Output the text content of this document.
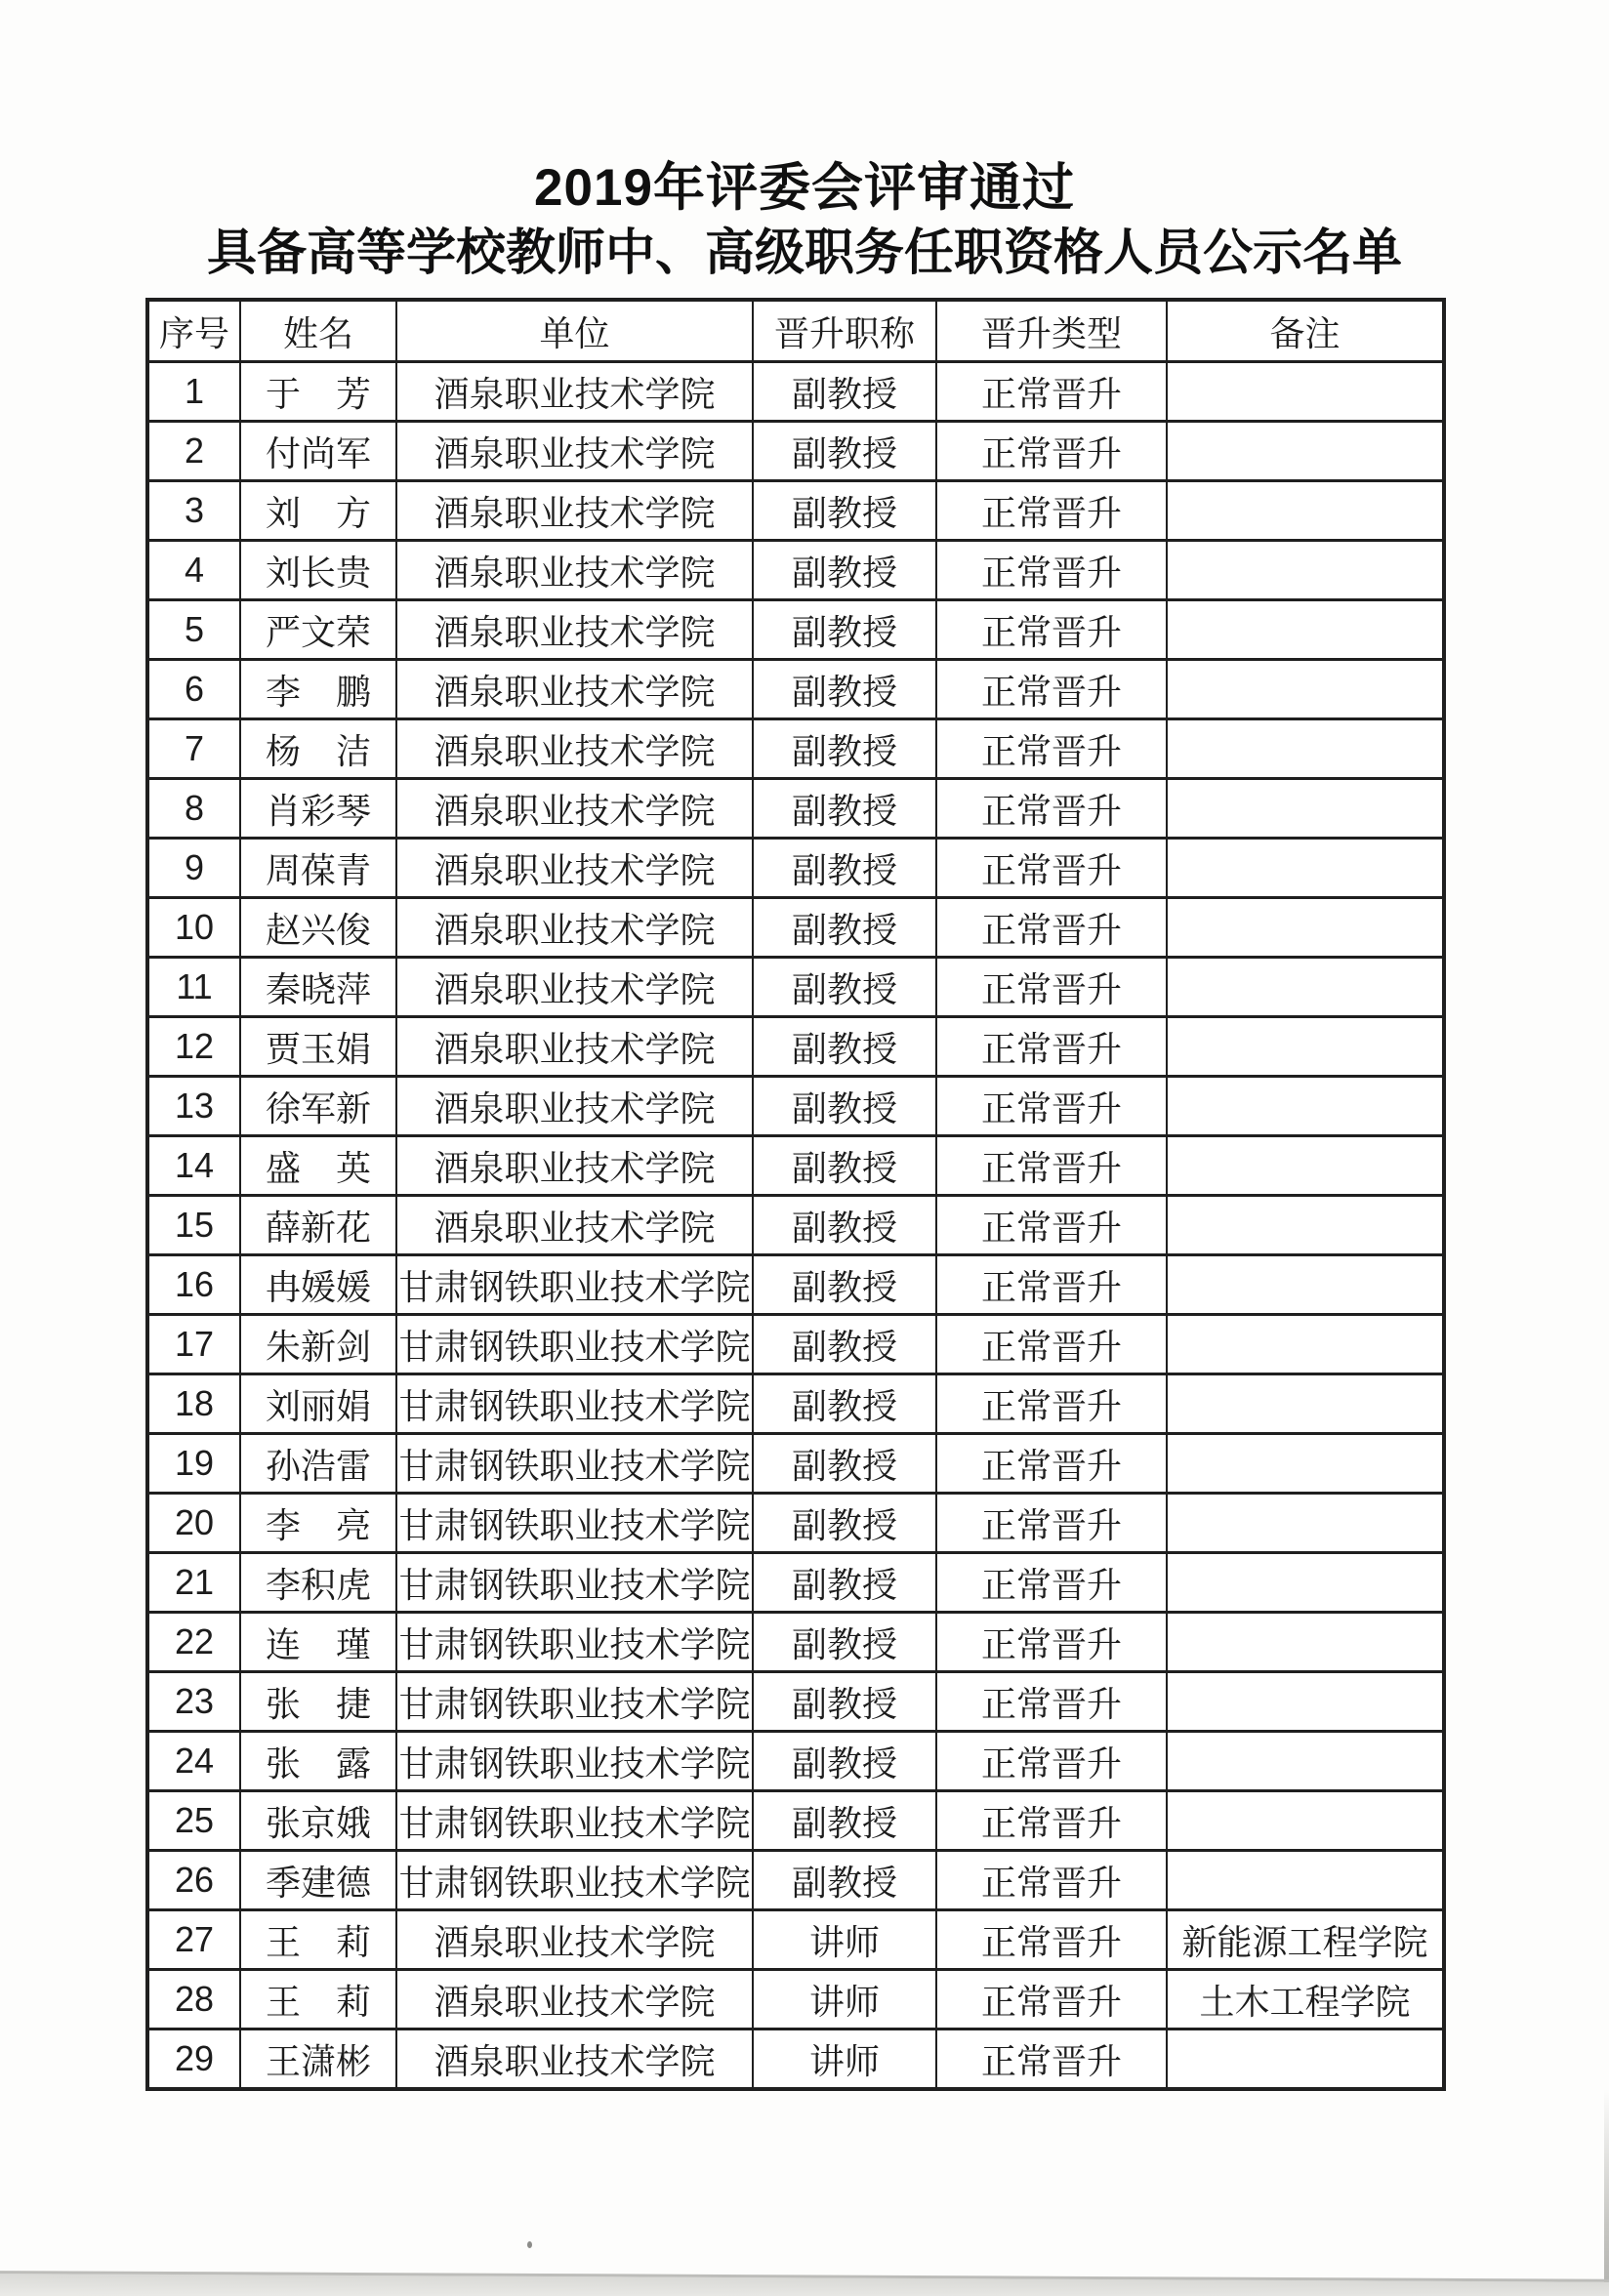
2019年评委会评审通过
具备高等学校教师中、高级职务任职资格人员公示名单
序号	姓名	单位	晋升职称	晋升类型	备注
1	于　芳	酒泉职业技术学院	副教授	正常晋升	
2	付尚军	酒泉职业技术学院	副教授	正常晋升	
3	刘　方	酒泉职业技术学院	副教授	正常晋升	
4	刘长贵	酒泉职业技术学院	副教授	正常晋升	
5	严文荣	酒泉职业技术学院	副教授	正常晋升	
6	李　鹏	酒泉职业技术学院	副教授	正常晋升	
7	杨　洁	酒泉职业技术学院	副教授	正常晋升	
8	肖彩琴	酒泉职业技术学院	副教授	正常晋升	
9	周葆青	酒泉职业技术学院	副教授	正常晋升	
10	赵兴俊	酒泉职业技术学院	副教授	正常晋升	
11	秦晓萍	酒泉职业技术学院	副教授	正常晋升	
12	贾玉娟	酒泉职业技术学院	副教授	正常晋升	
13	徐军新	酒泉职业技术学院	副教授	正常晋升	
14	盛　英	酒泉职业技术学院	副教授	正常晋升	
15	薛新花	酒泉职业技术学院	副教授	正常晋升	
16	冉媛媛	甘肃钢铁职业技术学院	副教授	正常晋升	
17	朱新剑	甘肃钢铁职业技术学院	副教授	正常晋升	
18	刘丽娟	甘肃钢铁职业技术学院	副教授	正常晋升	
19	孙浩雷	甘肃钢铁职业技术学院	副教授	正常晋升	
20	李　亮	甘肃钢铁职业技术学院	副教授	正常晋升	
21	李积虎	甘肃钢铁职业技术学院	副教授	正常晋升	
22	连　瑾	甘肃钢铁职业技术学院	副教授	正常晋升	
23	张　捷	甘肃钢铁职业技术学院	副教授	正常晋升	
24	张　露	甘肃钢铁职业技术学院	副教授	正常晋升	
25	张京娥	甘肃钢铁职业技术学院	副教授	正常晋升	
26	季建德	甘肃钢铁职业技术学院	副教授	正常晋升	
27	王　莉	酒泉职业技术学院	讲师	正常晋升	新能源工程学院
28	王　莉	酒泉职业技术学院	讲师	正常晋升	土木工程学院
29	王潇彬	酒泉职业技术学院	讲师	正常晋升	
